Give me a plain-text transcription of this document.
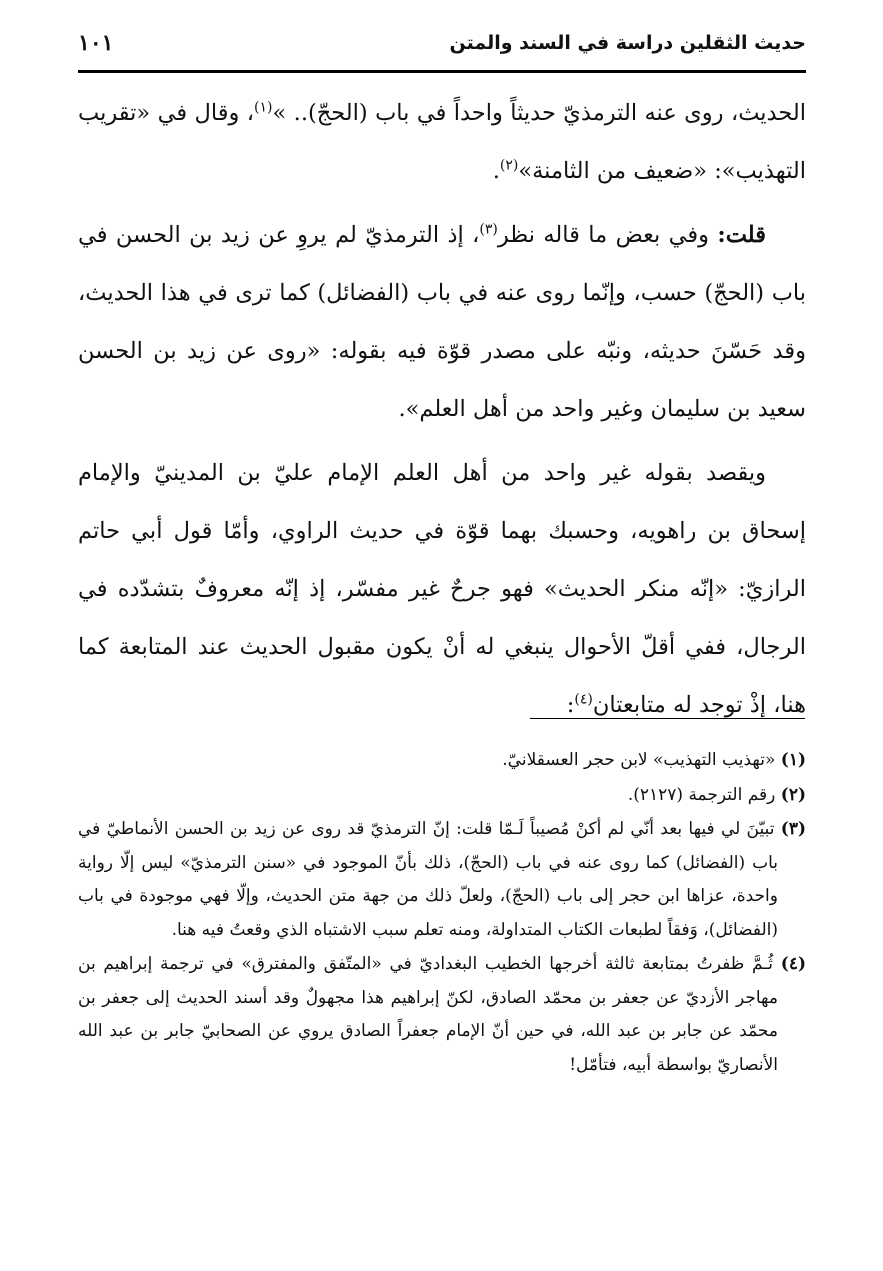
حديث الثقلين دراسة في السند والمتن
١٠١

الحديث، روى عنه الترمذيّ حديثاً واحداً في باب (الحجّ).. »$^{(١)}$، وقال في «تقريب التهذيب»: «ضعيف من الثامنة»$^{(٢)}$.

قلت: وفي بعض ما قاله نظر$^{(٣)}$، إذ الترمذيّ لم يروِ عن زيد بن الحسن في باب (الحجّ) حسب، وإنّما روى عنه في باب (الفضائل) كما ترى في هذا الحديث، وقد حَسّنَ حديثه، ونبّه على مصدر قوّة فيه بقوله: «روى عن زيد بن الحسن سعيد بن سليمان وغير واحد من أهل العلم».

ويقصد بقوله غير واحد من أهل العلم الإمام عليّ بن المدينيّ والإمام إسحاق بن راهويه، وحسبك بهما قوّة في حديث الراوي، وأمّا قول أبي حاتم الرازيّ: «إنّه منكر الحديث» فهو جرحٌ غير مفسّر، إذ إنّه معروفٌ بتشدّده في الرجال، ففي أقلّ الأحوال ينبغي له أنْ يكون مقبول الحديث عند المتابعة كما هنا، إذْ توجد له متابعتان$^{(٤)}$:

(١) «تهذيب التهذيب» لابن حجر العسقلانيّ.

(٢) رقم الترجمة (٢١٢٧).

(٣) تبيّنَ لي فيها بعد أنّي لم أكنْ مُصيباً لَـمّا قلت: إنّ الترمذيّ قد روى عن زيد بن الحسن الأنماطيّ في باب (الفضائل) كما روى عنه في باب (الحجّ)، ذلك بأنّ الموجود في «سنن الترمذيّ» ليس إلّا رواية واحدة، عزاها ابن حجر إلى باب (الحجّ)، ولعلّ ذلك من جهة متن الحديث، وإلّا فهي موجودة في باب (الفضائل)، وَفقاً لطبعات الكتاب المتداولة، ومنه تعلم سبب الاشتباه الذي وقعتُ فيه هنا.

(٤) ثُـمَّ ظفرتُ بمتابعة ثالثة أخرجها الخطيب البغداديّ في «المتّفق والمفترق» في ترجمة إبراهيم بن مهاجر الأزديّ عن جعفر بن محمّد الصادق، لكنّ إبراهيم هذا مجهولٌ وقد أسند الحديث إلى جعفر بن محمّد عن جابر بن عبد الله، في حين أنّ الإمام جعفراً الصادق يروي عن الصحابيّ جابر بن عبد الله الأنصاريّ بواسطة أبيه، فتأمّل!
